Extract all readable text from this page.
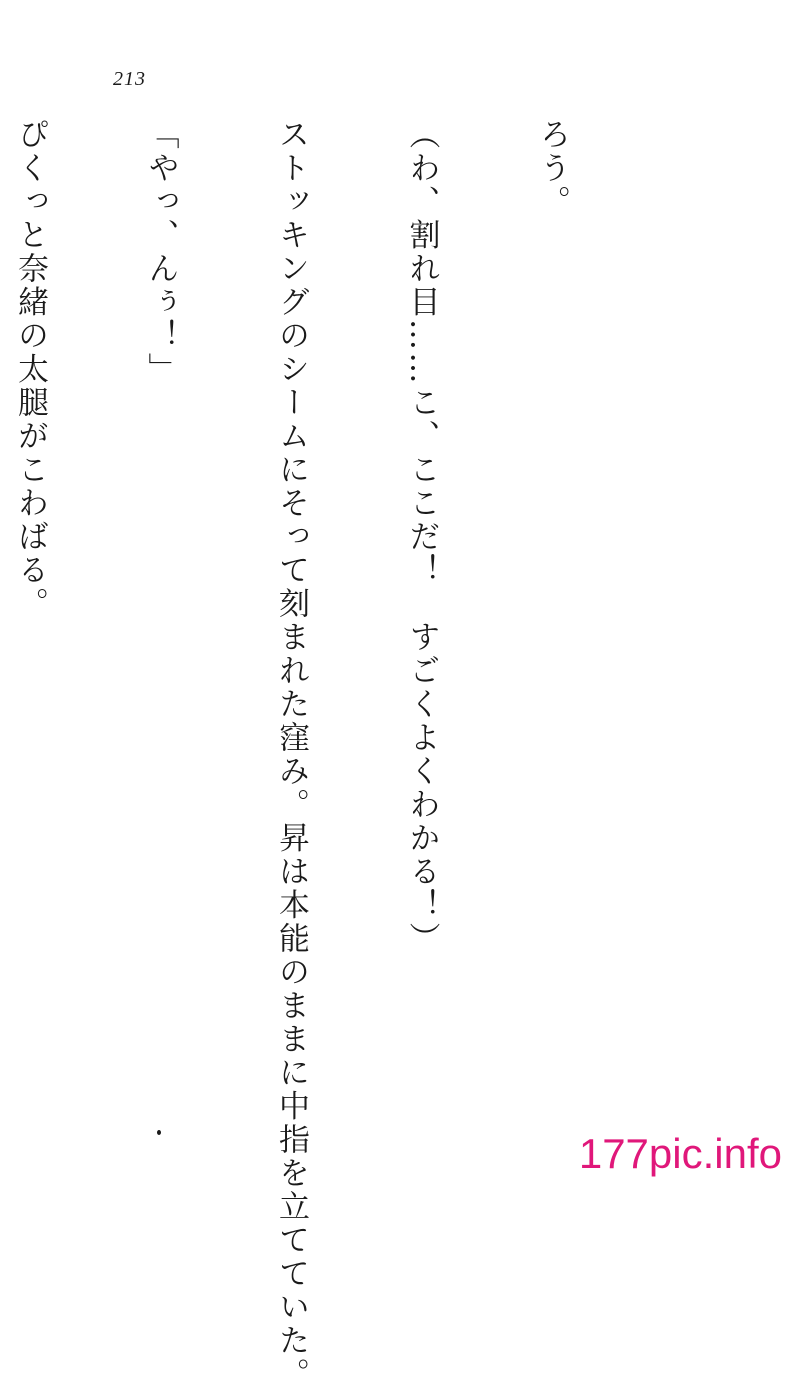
213

ろう。

（わ、割れ目……こ、ここだ！　すごくよくわかる！）

ストッキングのシームにそって刻まれた窪み。昇は本能のままに中指を立てていた。

「やっ、んぅ！」

ぴくっと奈緒の太腿がこわばる。

177pic.info
